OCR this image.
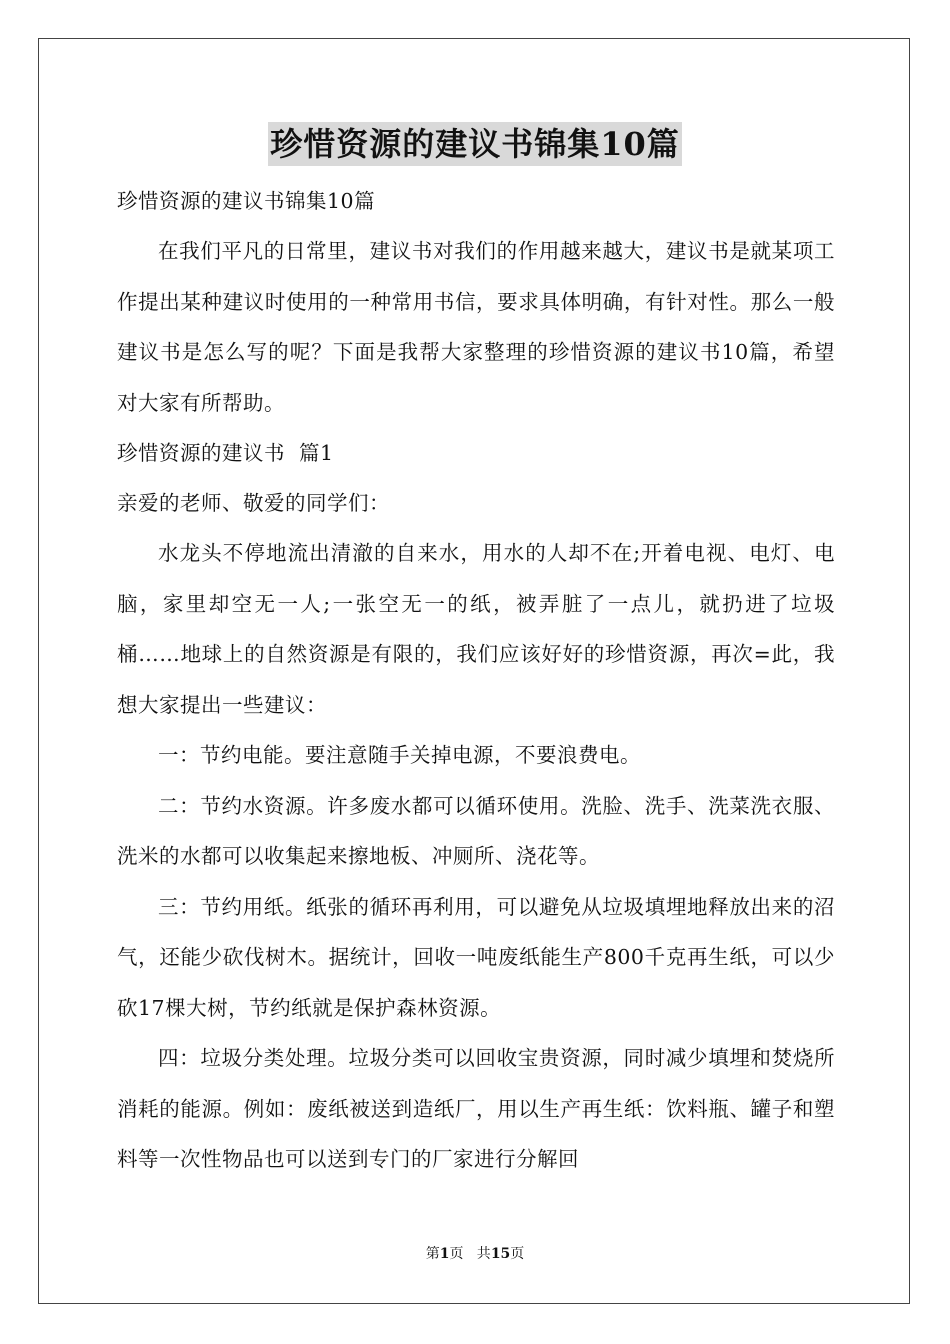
珍惜资源的建议书锦集10篇

珍惜资源的建议书锦集10篇

在我们平凡的日常里，建议书对我们的作用越来越大，建议书是就某项工作提出某种建议时使用的一种常用书信，要求具体明确，有针对性。那么一般建议书是怎么写的呢？下面是我帮大家整理的珍惜资源的建议书10篇，希望对大家有所帮助。

珍惜资源的建议书  篇1

亲爱的老师、敬爱的同学们：

水龙头不停地流出清澈的自来水，用水的人却不在;开着电视、电灯、电脑，家里却空无一人;一张空无一的纸，被弄脏了一点儿，就扔进了垃圾桶……地球上的自然资源是有限的，我们应该好好的珍惜资源，再次=此，我想大家提出一些建议：

一：节约电能。要注意随手关掉电源，不要浪费电。

二：节约水资源。许多废水都可以循环使用。洗脸、洗手、洗菜洗衣服、洗米的水都可以收集起来擦地板、冲厕所、浇花等。

三：节约用纸。纸张的循环再利用，可以避免从垃圾填埋地释放出来的沼气，还能少砍伐树木。据统计，回收一吨废纸能生产800千克再生纸，可以少砍17棵大树，节约纸就是保护森林资源。

四：垃圾分类处理。垃圾分类可以回收宝贵资源，同时减少填埋和焚烧所消耗的能源。例如：废纸被送到造纸厂，用以生产再生纸：饮料瓶、罐子和塑料等一次性物品也可以送到专门的厂家进行分解回

第1页   共15页
